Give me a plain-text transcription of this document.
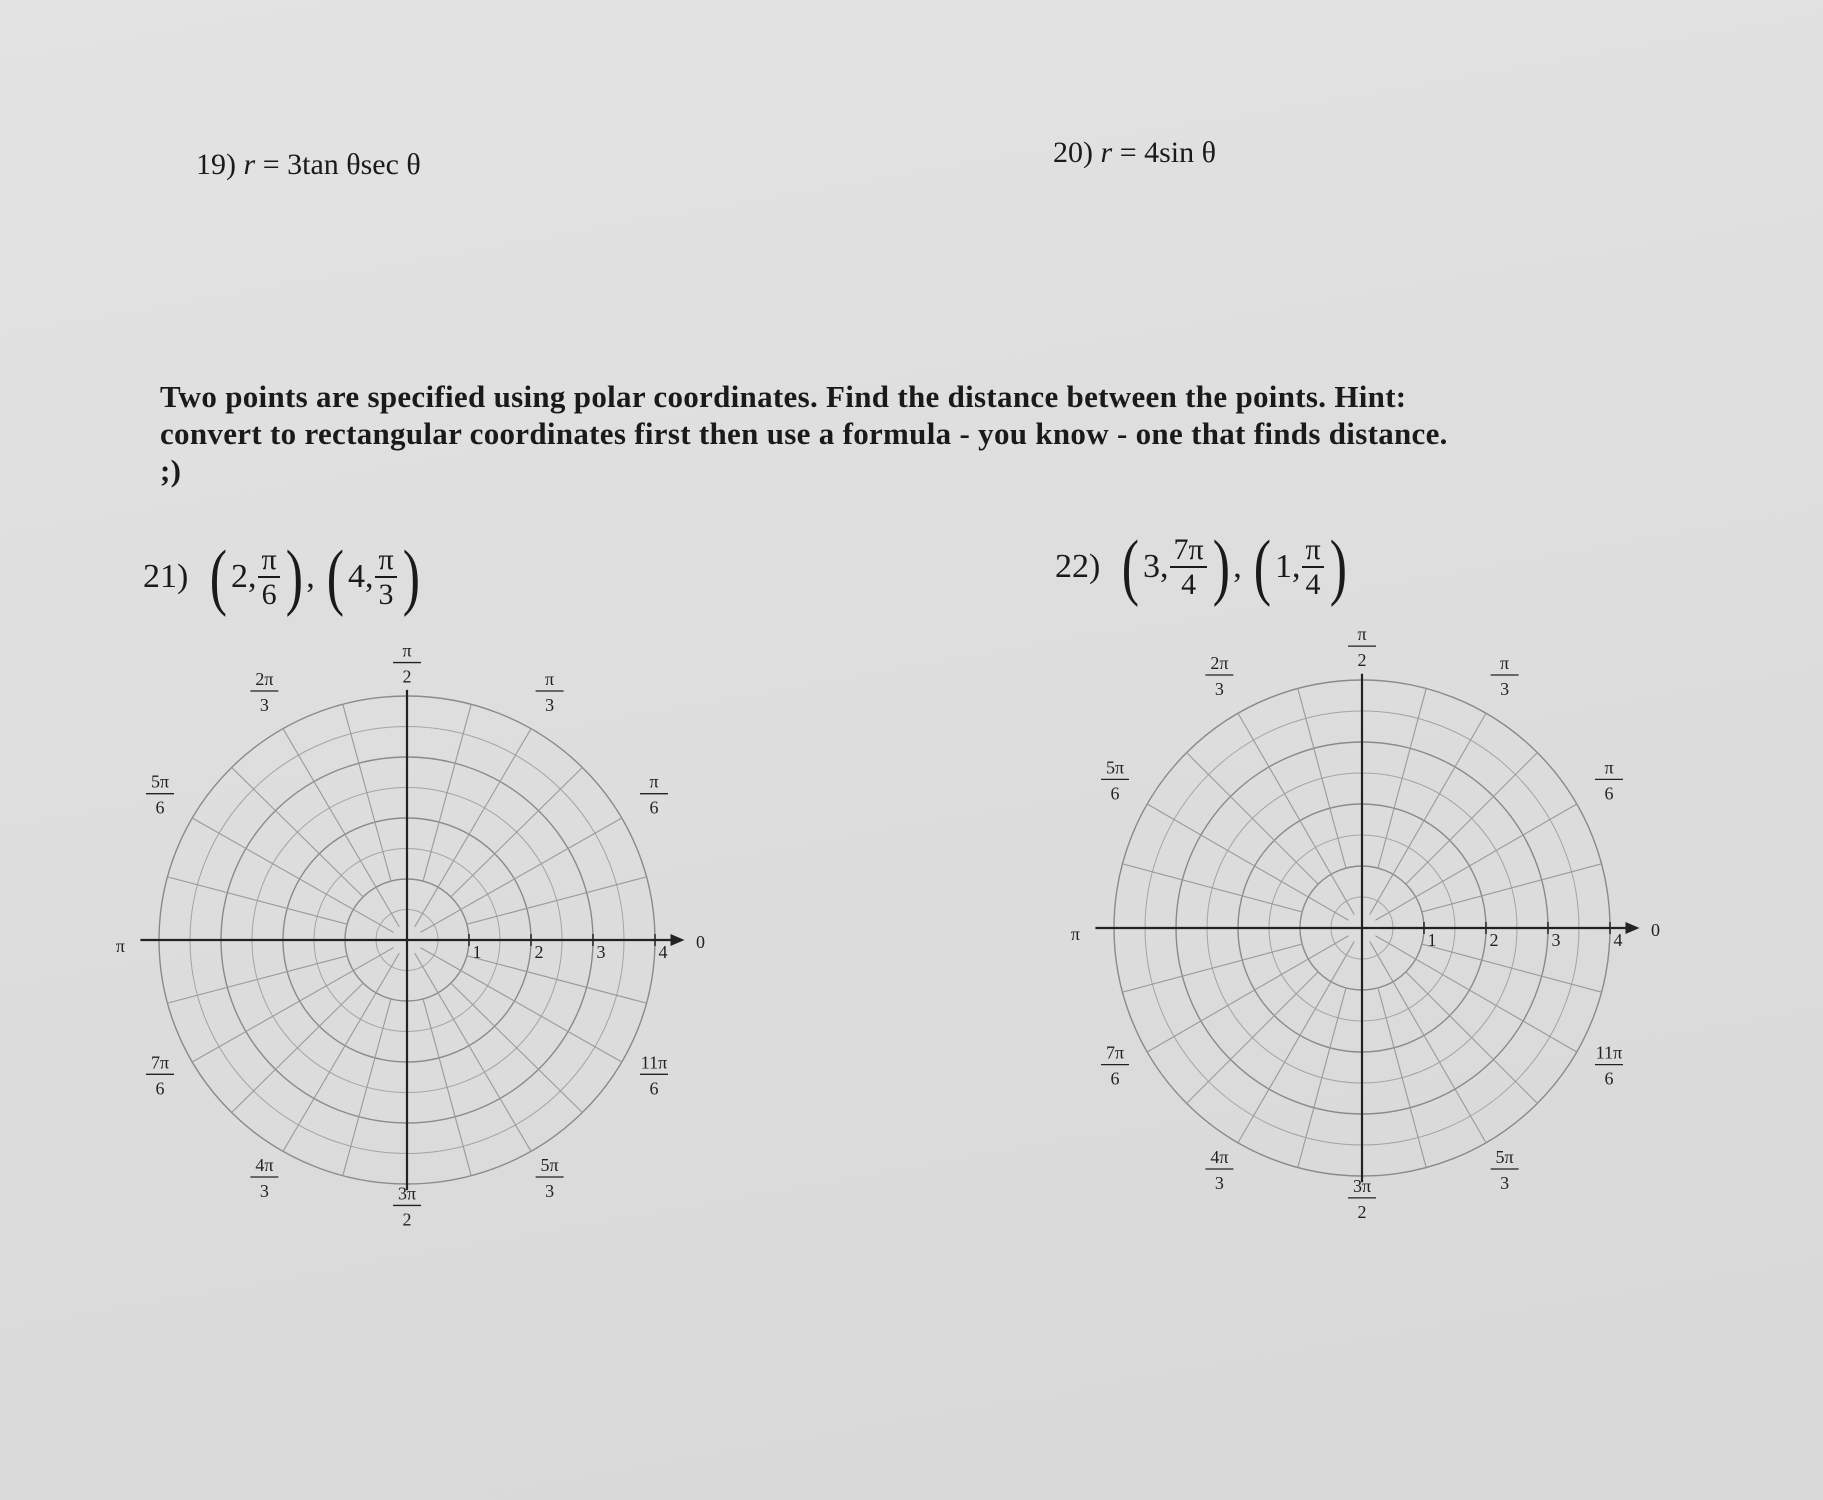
19) r = 3tan θsec θ	20) r = 4sin θ
Two points are specified using polar coordinates. Find the distance between the points. Hint:
convert to rectangular coordinates first then use a formula - you know - one that finds distance.
;)
21) ( 2, $\frac{\pi}{6}$ ) , ( 4, $\frac{\pi}{3}$ )	22) ( 3, $\frac{7\pi}{4}$ ) , ( 1, $\frac{\pi}{4}$ )
1	2	3	4 0
π
π
6
π
3
π
2
2π
3
5π
6
7π
6
4π
3	3π
2
5π
3
11π
6
1	2	3	4 0
π
π
6
π
3
π
2
2π
3
5π
6
7π
6
4π
3	3π
2
5π
3
11π
6
